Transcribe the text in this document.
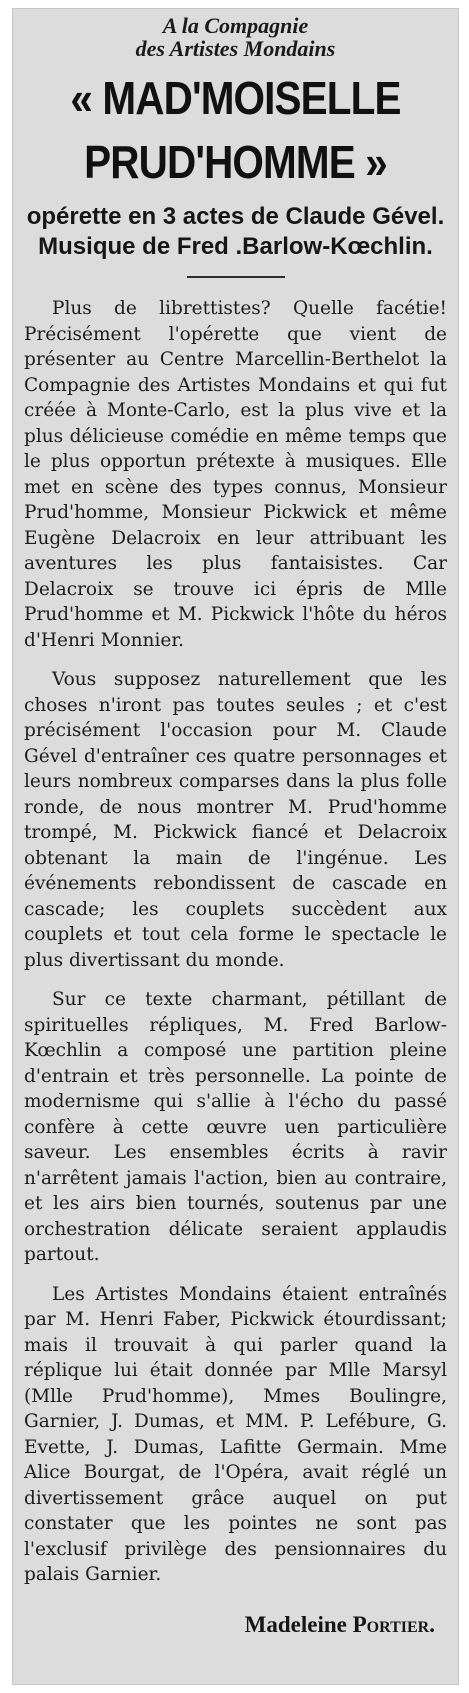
A la Compagnie
des Artistes Mondains
« MAD'MOISELLE
PRUD'HOMME »
opérette en 3 actes de Claude Gével. Musique de Fred .Barlow-Kœchlin.

Plus de librettistes? Quelle facétie! Précisément l'opérette que vient de présenter au Centre Marcellin-Berthelot la Compagnie des Artistes Mondains et qui fut créée à Monte-Carlo, est la plus vive et la plus délicieuse comédie en même temps que le plus opportun prétexte à musiques. Elle met en scène des types connus, Monsieur Prud'homme, Monsieur Pickwick et même Eugène Delacroix en leur attribuant les aventures les plus fantaisistes. Car Delacroix se trouve ici épris de Mlle Prud'homme et M. Pickwick l'hôte du héros d'Henri Monnier.

Vous supposez naturellement que les choses n'iront pas toutes seules ; et c'est précisément l'occasion pour M. Claude Gével d'entraîner ces quatre personnages et leurs nombreux comparses dans la plus folle ronde, de nous montrer M. Prud'homme trompé, M. Pickwick fiancé et Delacroix obtenant la main de l'ingénue. Les événements rebondissent de cascade en cascade; les couplets succèdent aux couplets et tout cela forme le spectacle le plus divertissant du monde.

Sur ce texte charmant, pétillant de spirituelles répliques, M. Fred Barlow-Kœchlin a composé une partition pleine d'entrain et très personnelle. La pointe de modernisme qui s'allie à l'écho du passé confère à cette œuvre uen particulière saveur. Les ensembles écrits à ravir n'arrêtent jamais l'action, bien au contraire, et les airs bien tournés, soutenus par une orchestration délicate seraient applaudis partout.

Les Artistes Mondains étaient entraînés par M. Henri Faber, Pickwick étourdissant; mais il trouvait à qui parler quand la réplique lui était donnée par Mlle Marsyl (Mlle Prud'homme), Mmes Boulingre, Garnier, J. Dumas, et MM. P. Lefébure, G. Evette, J. Dumas, Lafitte Germain. Mme Alice Bourgat, de l'Opéra, avait réglé un divertissement grâce auquel on put constater que les pointes ne sont pas l'exclusif privilège des pensionnaires du palais Garnier.

Madeleine Portier.
